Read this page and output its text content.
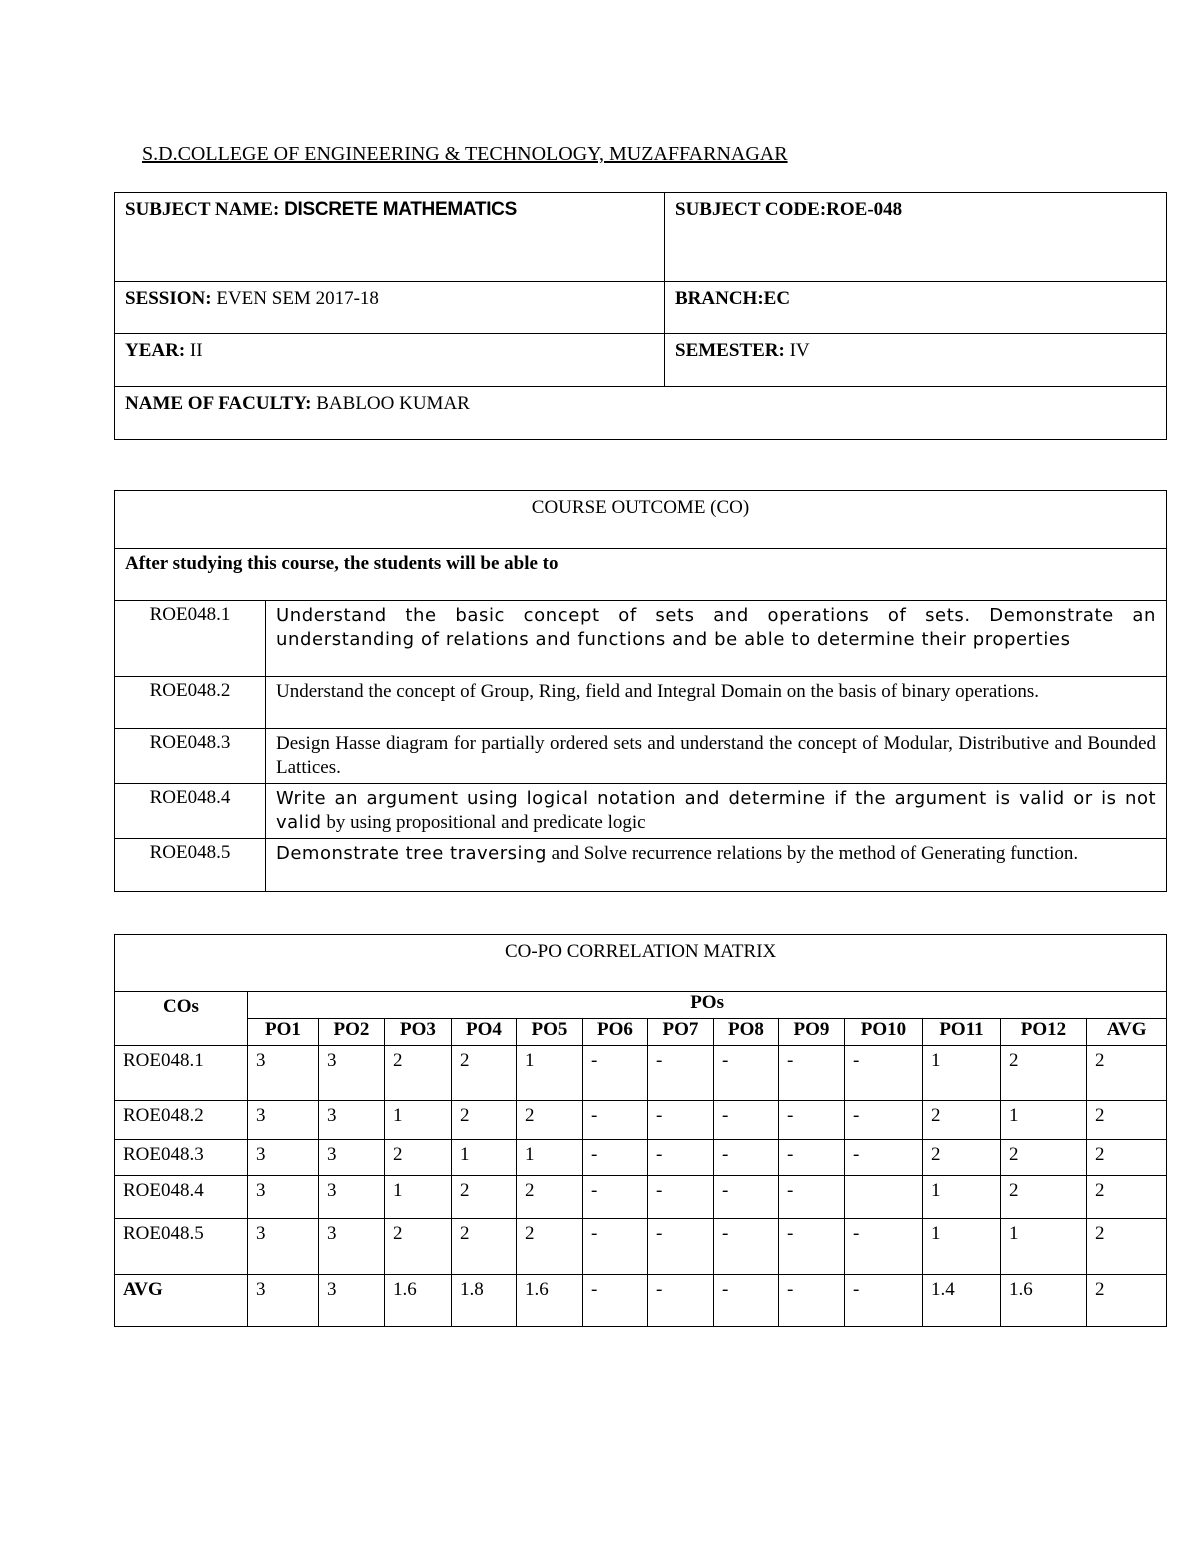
S.D.COLLEGE OF ENGINEERING & TECHNOLOGY, MUZAFFARNAGAR
SUBJECT NAME: DISCRETE MATHEMATICS	SUBJECT CODE:ROE-048
SESSION: EVEN SEM 2017-18	BRANCH:EC
YEAR: II	SEMESTER: IV
NAME OF FACULTY: BABLOO KUMAR	
COURSE OUTCOME (CO)	
After studying this course, the students will be able to	
ROE048.1	Understand the basic concept of sets and operations of sets. Demonstrate an understanding of relations and functions and be able to determine their properties
ROE048.2	Understand the concept of Group, Ring, field and Integral Domain on the basis of binary operations.
ROE048.3	Design Hasse diagram for partially ordered sets and understand the concept of Modular, Distributive and Bounded Lattices.
ROE048.4	Write an argument using logical notation and determine if the argument is valid or is not valid by using propositional and predicate logic
ROE048.5	Demonstrate tree traversing and Solve recurrence relations by the method of Generating function.
CO-PO CORRELATION MATRIX													
COs	POs												
	PO1	PO2	PO3	PO4	PO5	PO6	PO7	PO8	PO9	PO10	PO11	PO12	AVG
ROE048.1	3	3	2	2	1	-	-	-	-	-	1	2	2
ROE048.2	3	3	1	2	2	-	-	-	-	-	2	1	2
ROE048.3	3	3	2	1	1	-	-	-	-	-	2	2	2
ROE048.4	3	3	1	2	2	-	-	-	-		1	2	2
ROE048.5	3	3	2	2	2	-	-	-	-	-	1	1	2
AVG	3	3	1.6	1.8	1.6	-	-	-	-	-	1.4	1.6	2
